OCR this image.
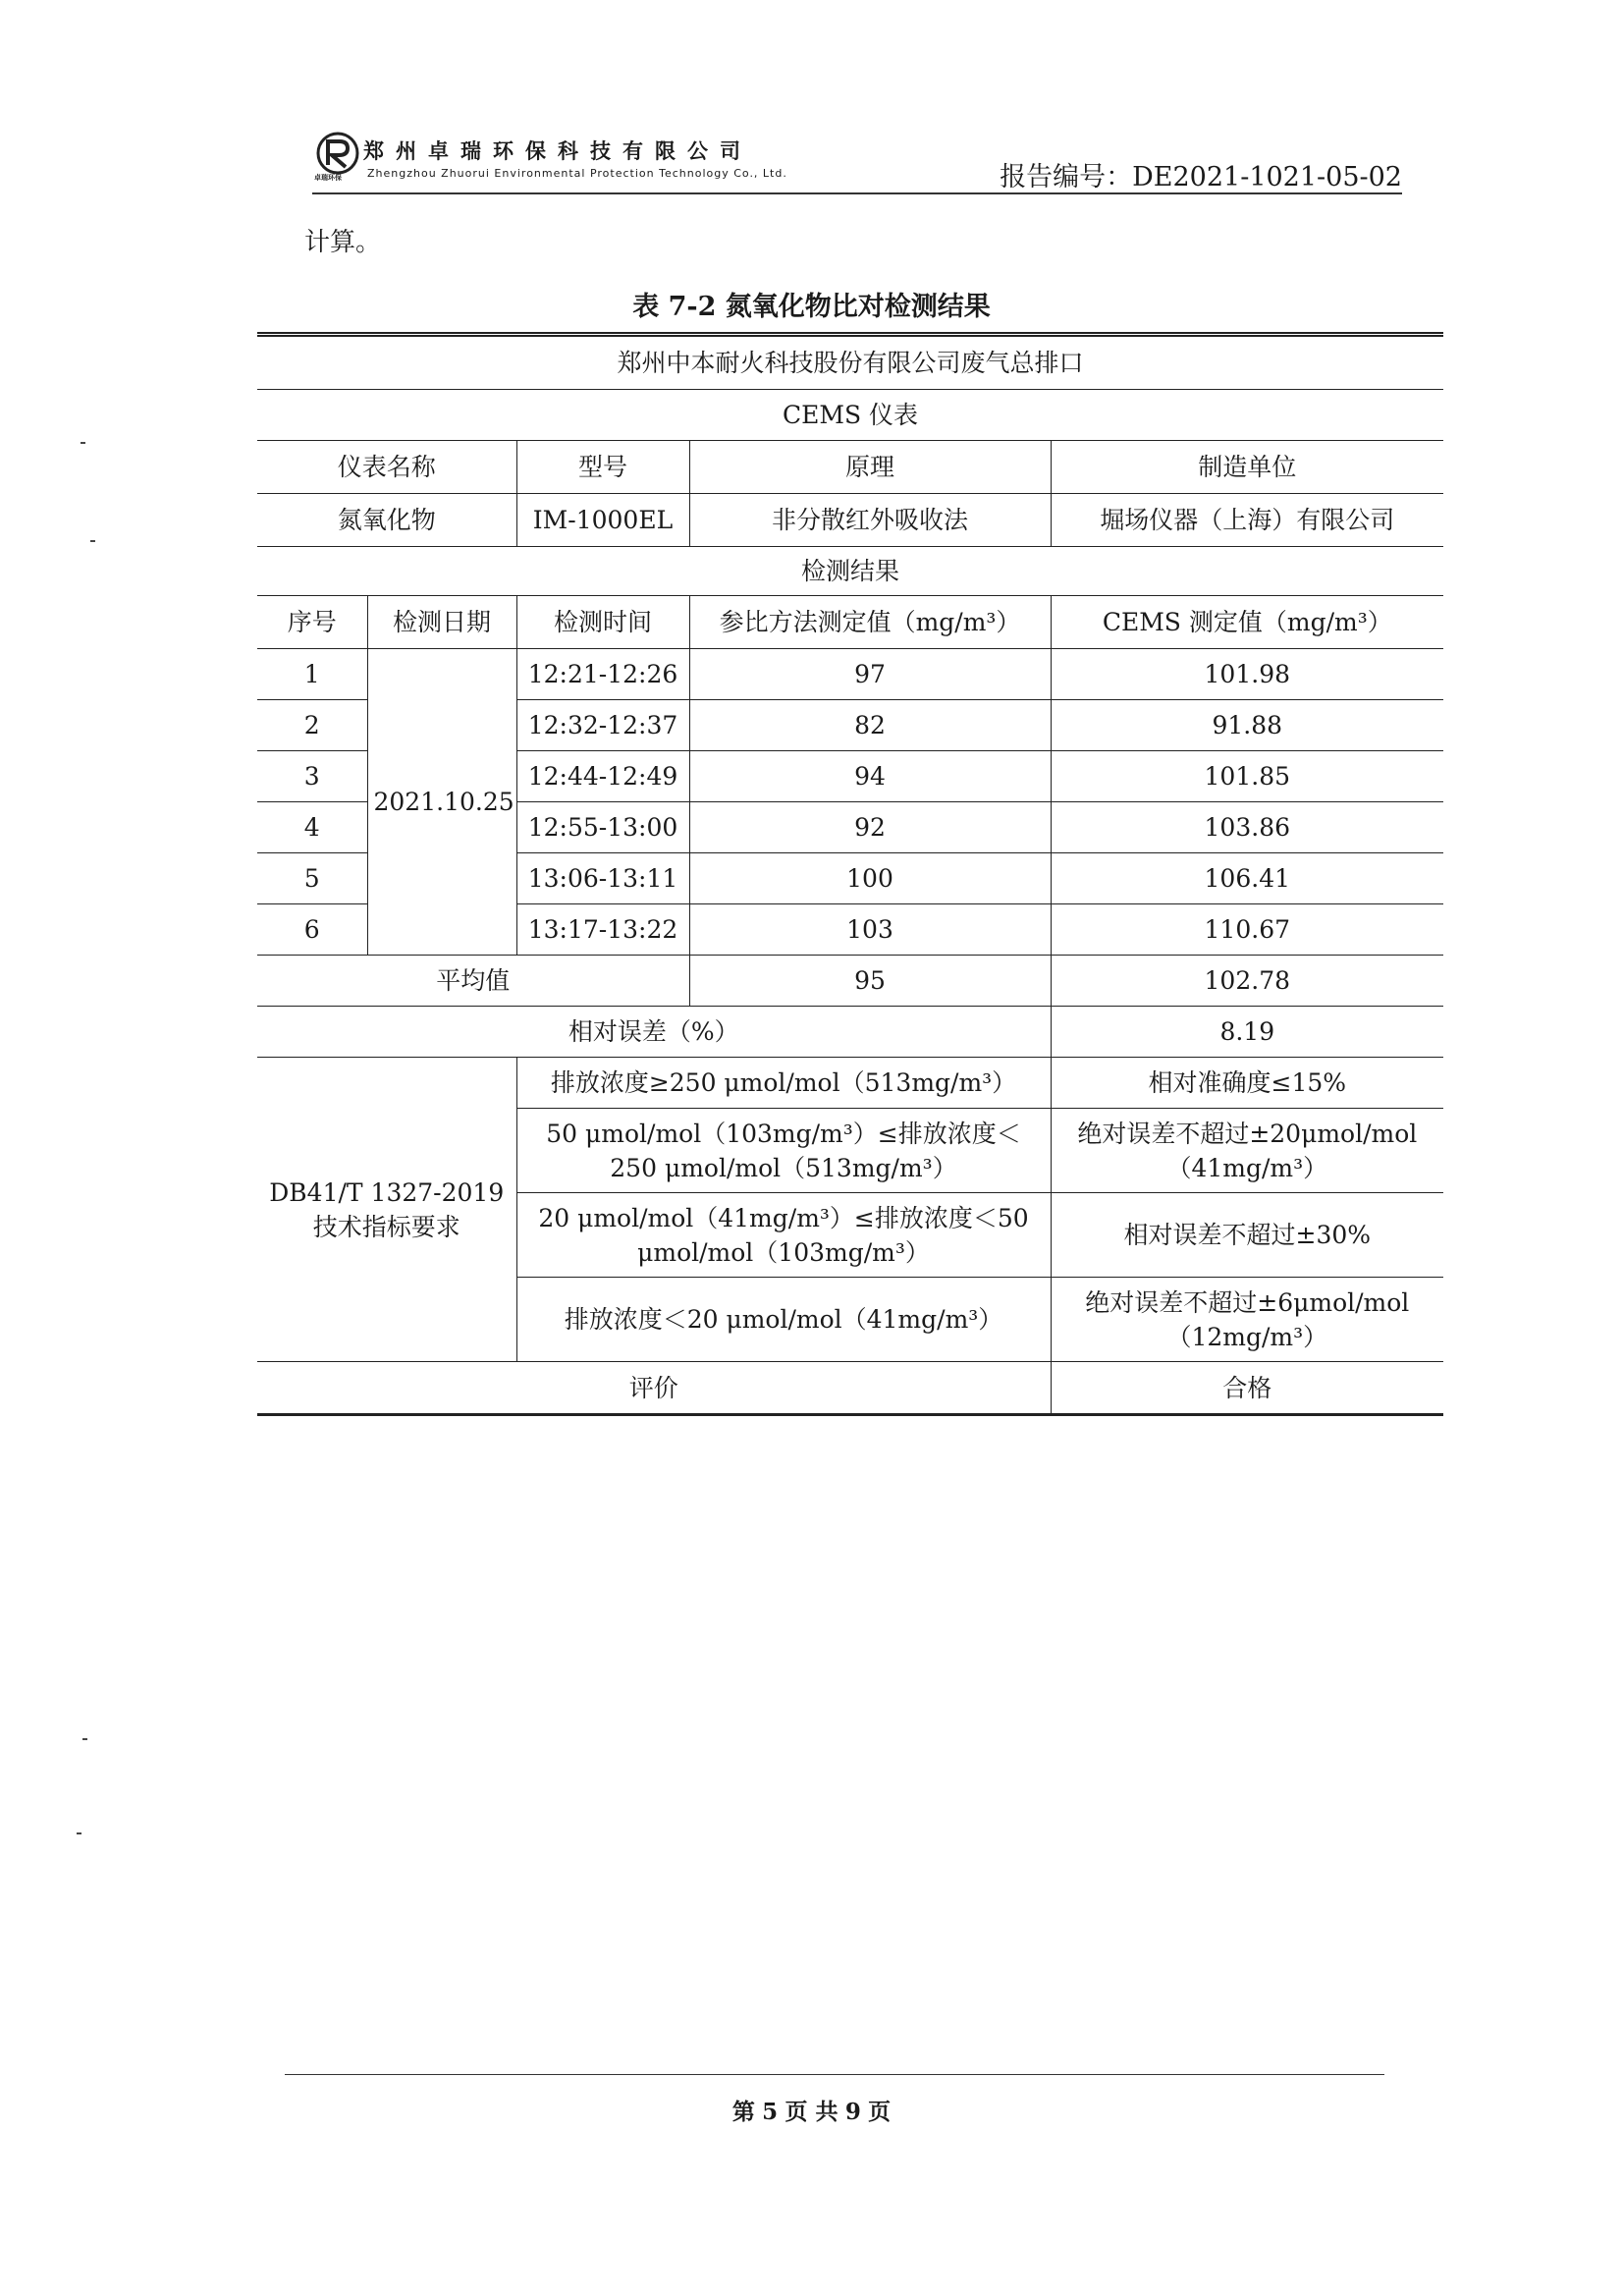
卓瑞环保
郑州卓瑞环保科技有限公司
Zhengzhou Zhuorui Environmental Protection Technology Co., Ltd.	报告编号：DE2021-1021-05-02
计算。
表 7-2 氮氧化物比对检测结果
郑州中本耐火科技股份有限公司废气总排口				
CEMS 仪表				
仪表名称		型号	原理	制造单位
氮氧化物		IM-1000EL	非分散红外吸收法	堀场仪器（上海）有限公司
检测结果				
序号	检测日期	检测时间	参比方法测定值（mg/m³）	CEMS 测定值（mg/m³）
1	2021.10.25	12:21-12:26	97	101.98
2		12:32-12:37	82	91.88
3		12:44-12:49	94	101.85
4		12:55-13:00	92	103.86
5		13:06-13:11	100	106.41
6		13:17-13:22	103	110.67
平均值			95	102.78
相对误差（%）				8.19

DB41/T 1327-2019
技术指标要求		排放浓度≥250 μmol/mol（513mg/m³）		相对准确度≤15%
		50 μmol/mol（103mg/m³）≤排放浓度＜250 μmol/mol（513mg/m³）		绝对误差不超过±20μmol/mol（41mg/m³）
		20 μmol/mol（41mg/m³）≤排放浓度＜50 μmol/mol（103mg/m³）		相对误差不超过±30%
		排放浓度＜20 μmol/mol（41mg/m³）		绝对误差不超过±6μmol/mol（12mg/m³）
评价				合格
第 5 页 共 9 页
